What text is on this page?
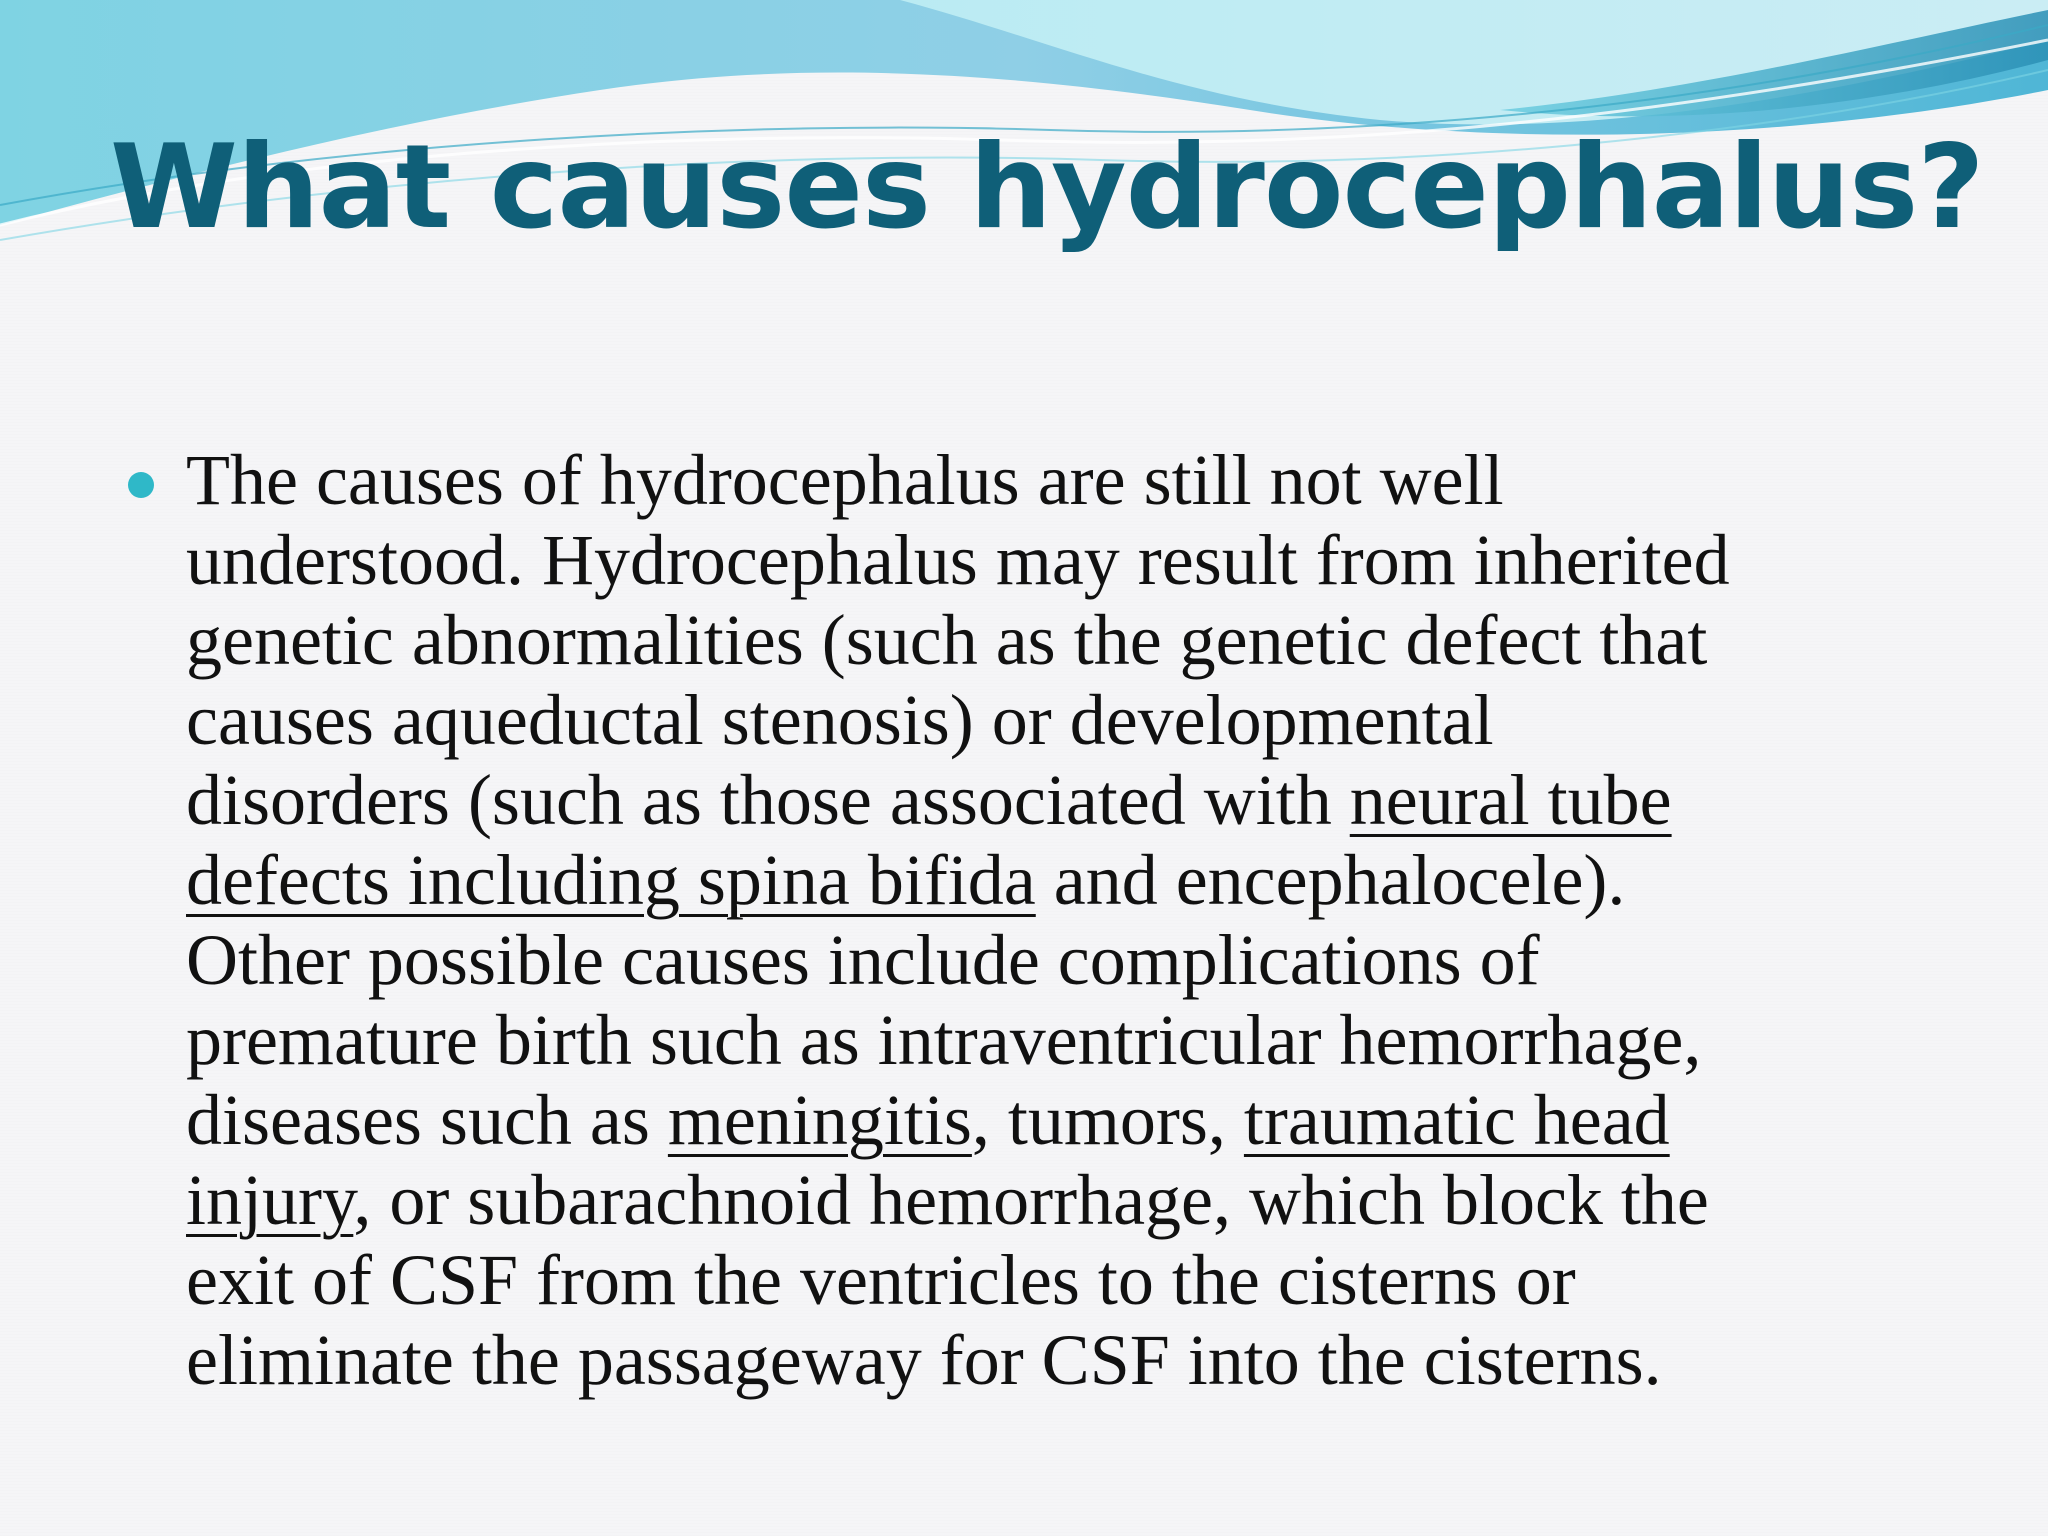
What causes hydrocephalus?
The causes of hydrocephalus are still not well
understood. Hydrocephalus may result from inherited
genetic abnormalities (such as the genetic defect that
causes aqueductal stenosis) or developmental
disorders (such as those associated with neural tube
defects including spina bifida and encephalocele).
Other possible causes include complications of
premature birth such as intraventricular hemorrhage,
diseases such as meningitis, tumors, traumatic head
injury, or subarachnoid hemorrhage, which block the
exit of CSF from the ventricles to the cisterns or
eliminate the passageway for CSF into the cisterns.
